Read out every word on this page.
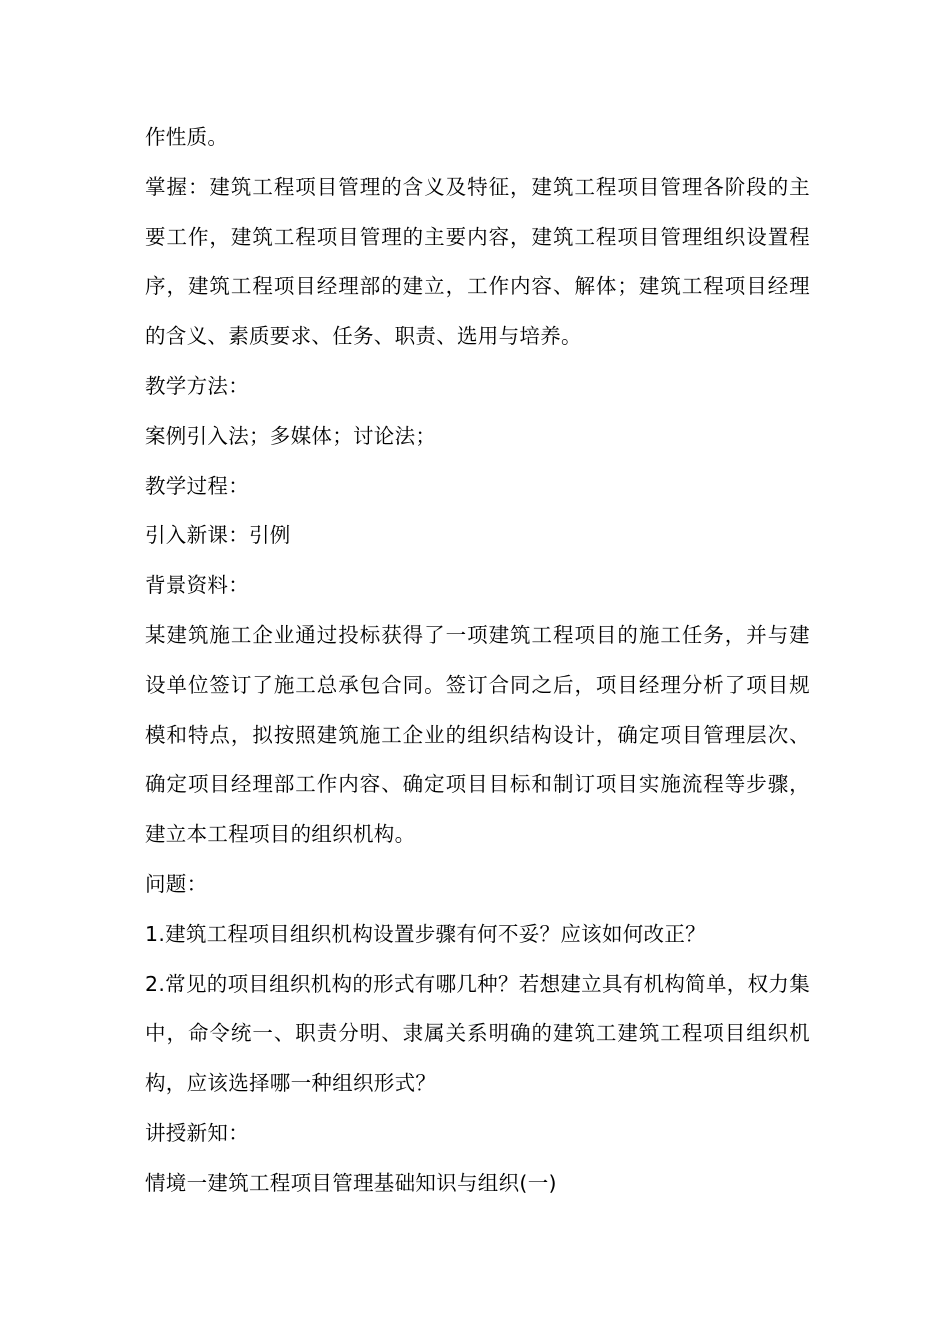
作性质。

掌握：建筑工程项目管理的含义及特征，建筑工程项目管理各阶段的主要工作，建筑工程项目管理的主要内容，建筑工程项目管理组织设置程序，建筑工程项目经理部的建立，工作内容、解体；建筑工程项目经理的含义、素质要求、任务、职责、选用与培养。

教学方法：

案例引入法；多媒体；讨论法；

教学过程：

引入新课：引例

背景资料：

某建筑施工企业通过投标获得了一项建筑工程项目的施工任务，并与建设单位签订了施工总承包合同。签订合同之后，项目经理分析了项目规模和特点，拟按照建筑施工企业的组织结构设计，确定项目管理层次、确定项目经理部工作内容、确定项目目标和制订项目实施流程等步骤，建立本工程项目的组织机构。

问题：

1.建筑工程项目组织机构设置步骤有何不妥？应该如何改正？

2.常见的项目组织机构的形式有哪几种？若想建立具有机构简单，权力集中，命令统一、职责分明、隶属关系明确的建筑工建筑工程项目组织机构，应该选择哪一种组织形式？

讲授新知：

情境一建筑工程项目管理基础知识与组织(一)
